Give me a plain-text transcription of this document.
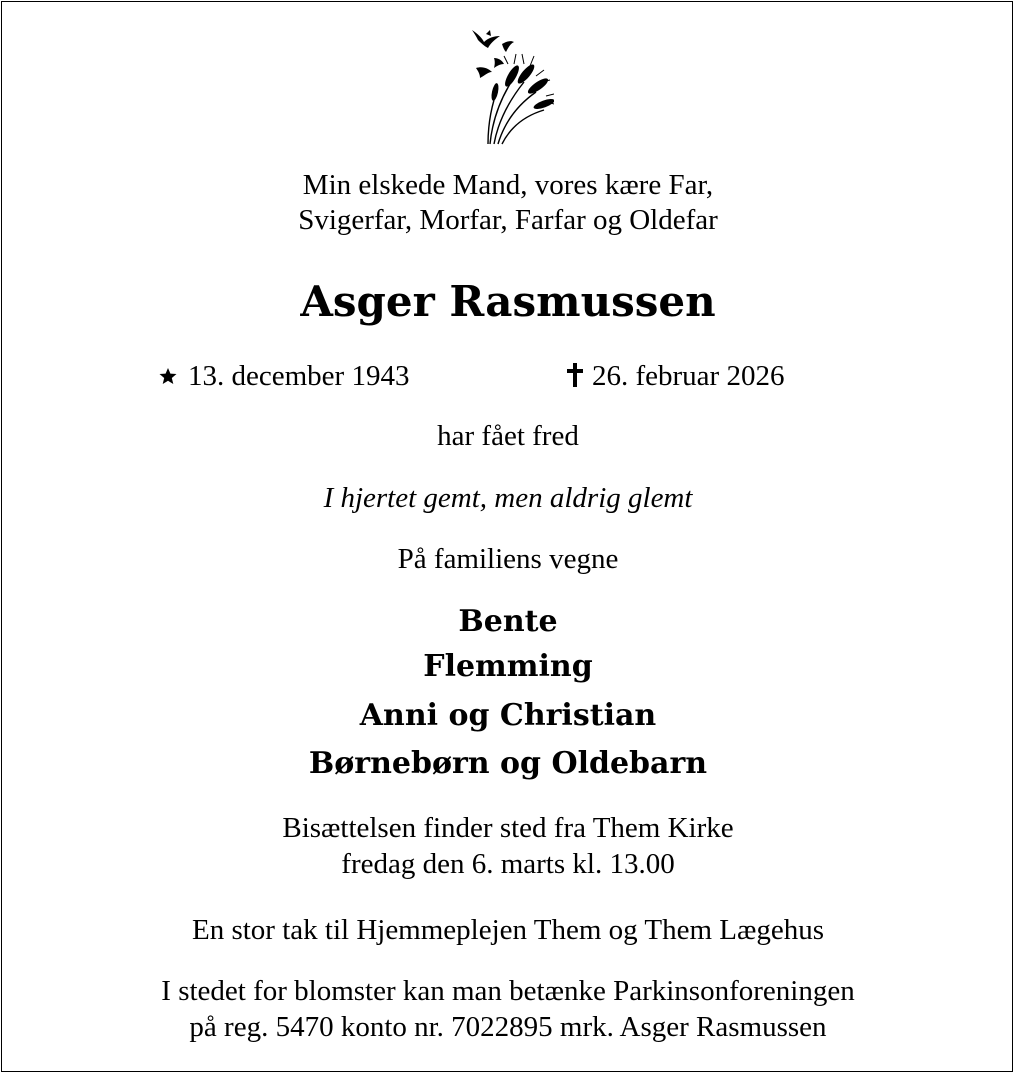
Min elskede Mand, vores kære Far,

Svigerfar, Morfar, Farfar og Oldefar

Asger Rasmussen

13. december 1943	26. februar 2026

har fået fred

I hjertet gemt, men aldrig glemt

På familiens vegne

Bente

Flemming

Anni og Christian

Børnebørn og Oldebarn

Bisættelsen finder sted fra Them Kirke

fredag den 6. marts kl. 13.00

En stor tak til Hjemmeplejen Them og Them Lægehus

I stedet for blomster kan man betænke Parkinsonforeningen

på reg. 5470 konto nr. 7022895 mrk. Asger Rasmussen
